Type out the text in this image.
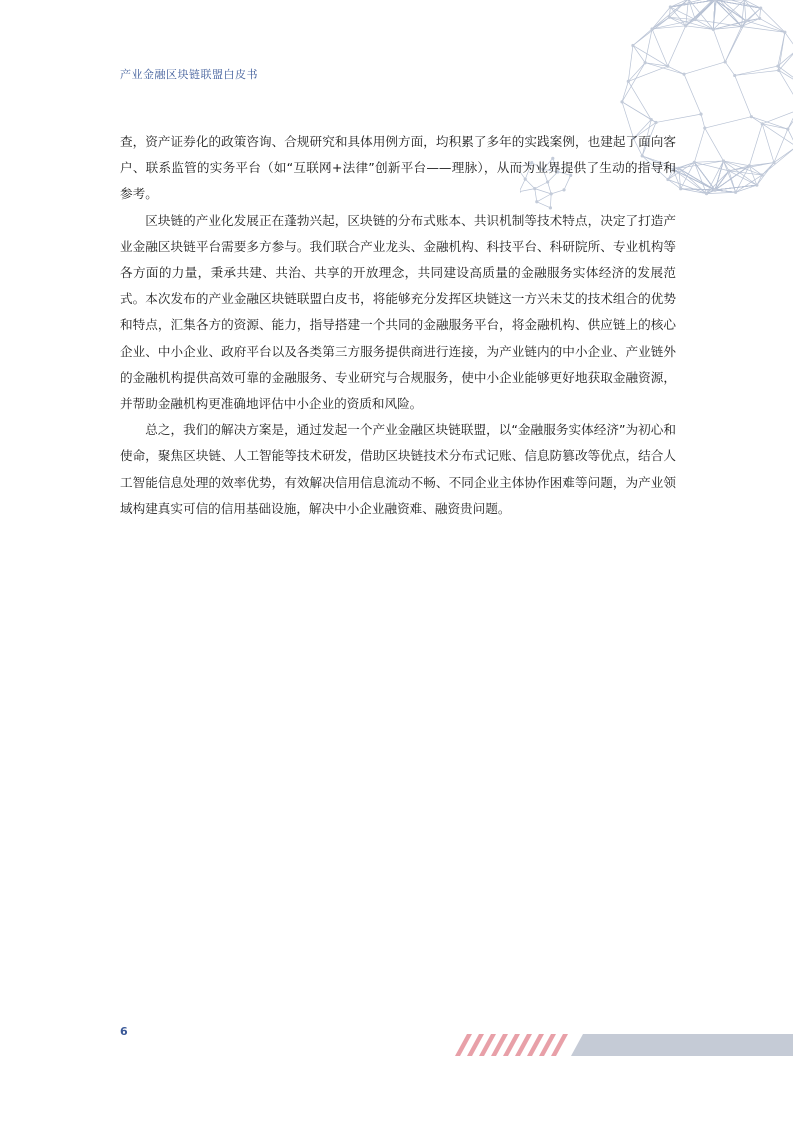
产业金融区块链联盟白皮书

查，资产证券化的政策咨询、合规研究和具体用例方面，均积累了多年的实践案例，也建起了面向客户、联系监管的实务平台（如“互联网+法律”创新平台——理脉），从而为业界提供了生动的指导和参考。

区块链的产业化发展正在蓬勃兴起，区块链的分布式账本、共识机制等技术特点，决定了打造产业金融区块链平台需要多方参与。我们联合产业龙头、金融机构、科技平台、科研院所、专业机构等各方面的力量，秉承共建、共治、共享的开放理念，共同建设高质量的金融服务实体经济的发展范式。本次发布的产业金融区块链联盟白皮书，将能够充分发挥区块链这一方兴未艾的技术组合的优势和特点，汇集各方的资源、能力，指导搭建一个共同的金融服务平台，将金融机构、供应链上的核心企业、中小企业、政府平台以及各类第三方服务提供商进行连接，为产业链内的中小企业、产业链外的金融机构提供高效可靠的金融服务、专业研究与合规服务，使中小企业能够更好地获取金融资源，并帮助金融机构更准确地评估中小企业的资质和风险。

总之，我们的解决方案是，通过发起一个产业金融区块链联盟，以“金融服务实体经济”为初心和使命，聚焦区块链、人工智能等技术研发，借助区块链技术分布式记账、信息防篡改等优点，结合人工智能信息处理的效率优势，有效解决信用信息流动不畅、不同企业主体协作困难等问题，为产业领域构建真实可信的信用基础设施，解决中小企业融资难、融资贵问题。

6
